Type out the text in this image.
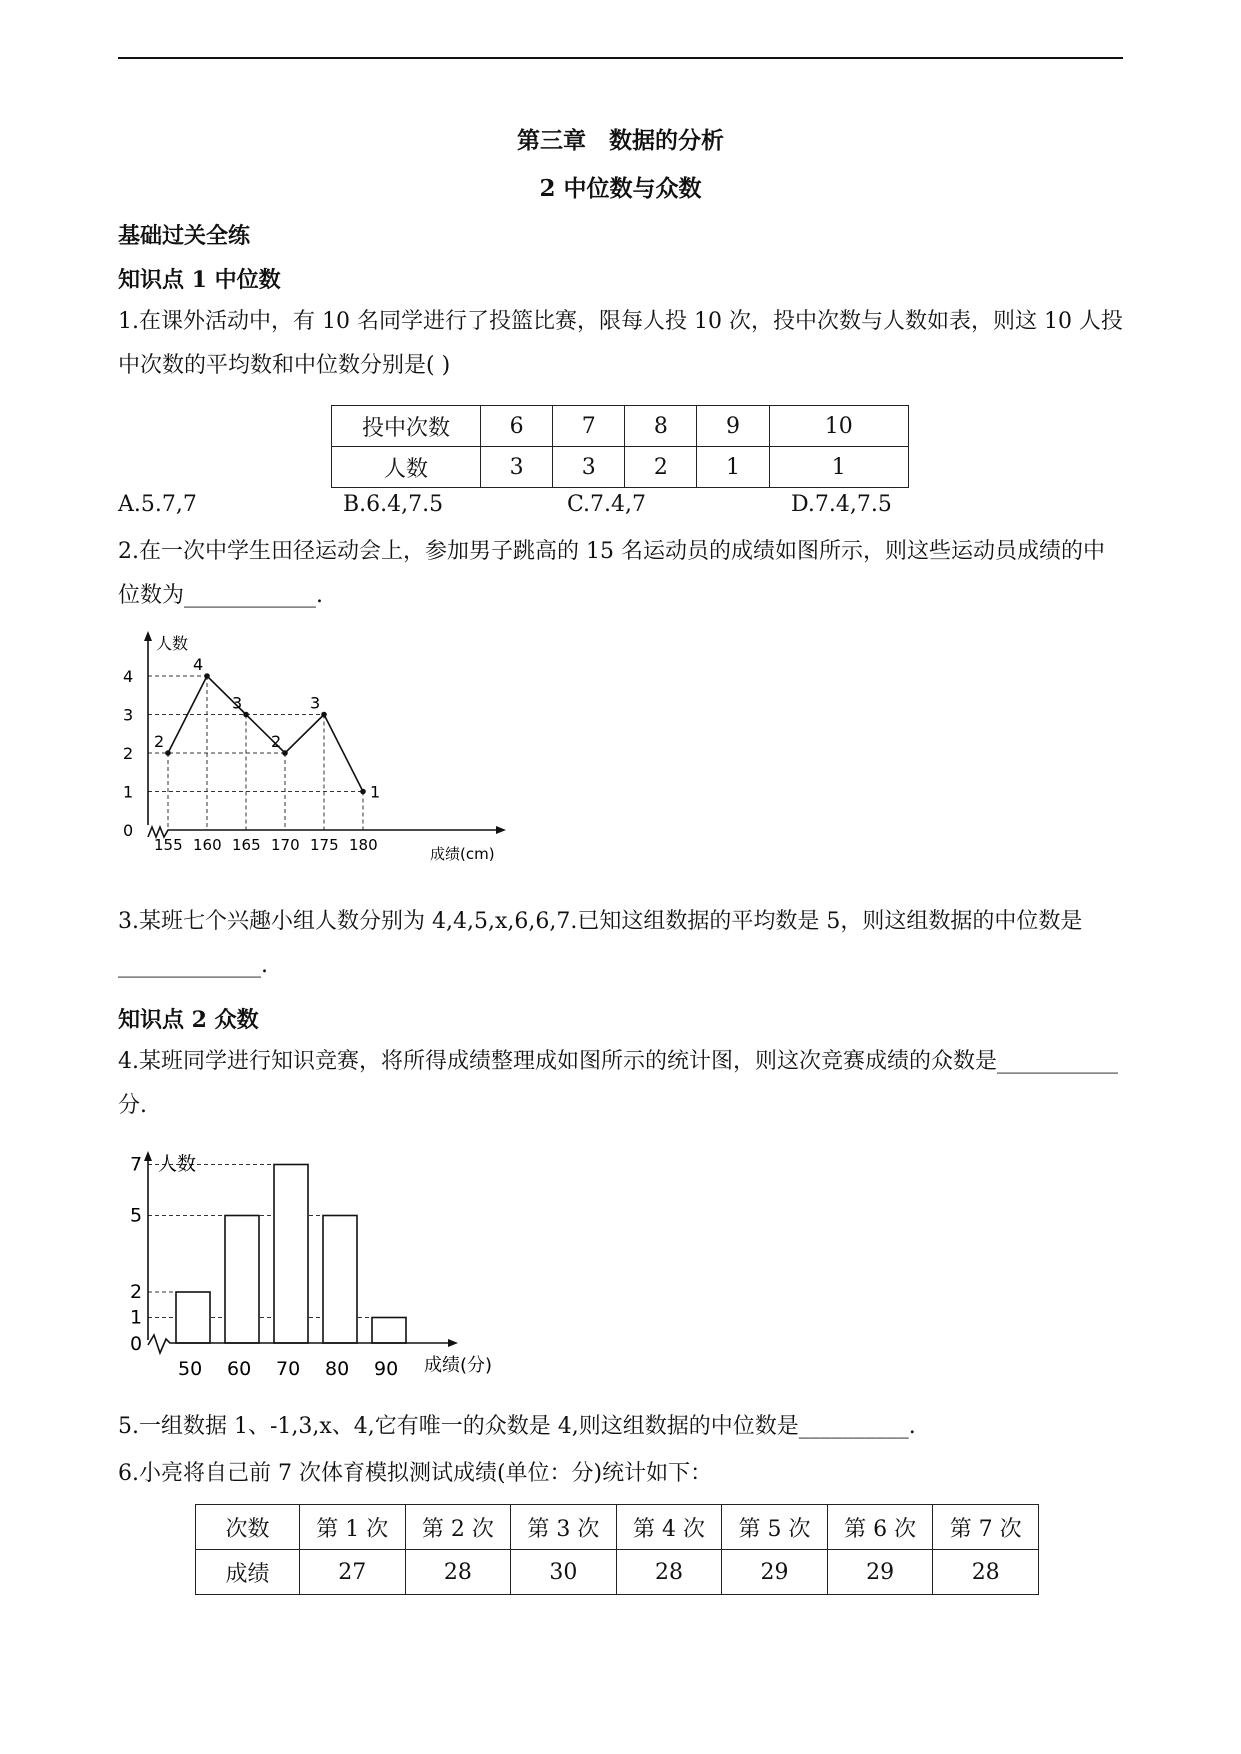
第三章　数据的分析
2 中位数与众数
基础过关全练
知识点 1 中位数
1.在课外活动中，有 10 名同学进行了投篮比赛，限每人投 10 次，投中次数与人数如表，则这 10 人投中次数的平均数和中位数分别是( )
投中次数	6	7	8	9	10
人数	3	3	2	1	1
A.5.7,7	B.6.4,7.5	C.7.4,7	D.7.4,7.5
2.在一次中学生田径运动会上，参加男子跳高的 15 名运动员的成绩如图所示，则这些运动员成绩的中位数为____________.
人数
成绩(cm)
0
1
2
3
4
155 160 165 170 175 180
2
4
3
2
3
1
3.某班七个兴趣小组人数分别为 4,4,5,x,6,6,7.已知这组数据的平均数是 5，则这组数据的中位数是_____________.
知识点 2 众数
4.某班同学进行知识竞赛，将所得成绩整理成如图所示的统计图，则这次竞赛成绩的众数是___________分.
人数
成绩(分)
0
1
2
5
7
50 60 70 80 90
5.一组数据 1、-1,3,x、4,它有唯一的众数是 4,则这组数据的中位数是__________.
6.小亮将自己前 7 次体育模拟测试成绩(单位：分)统计如下：
次数	第 1 次	第 2 次	第 3 次	第 4 次	第 5 次	第 6 次	第 7 次
成绩	27	28	30	28	29	29	28
